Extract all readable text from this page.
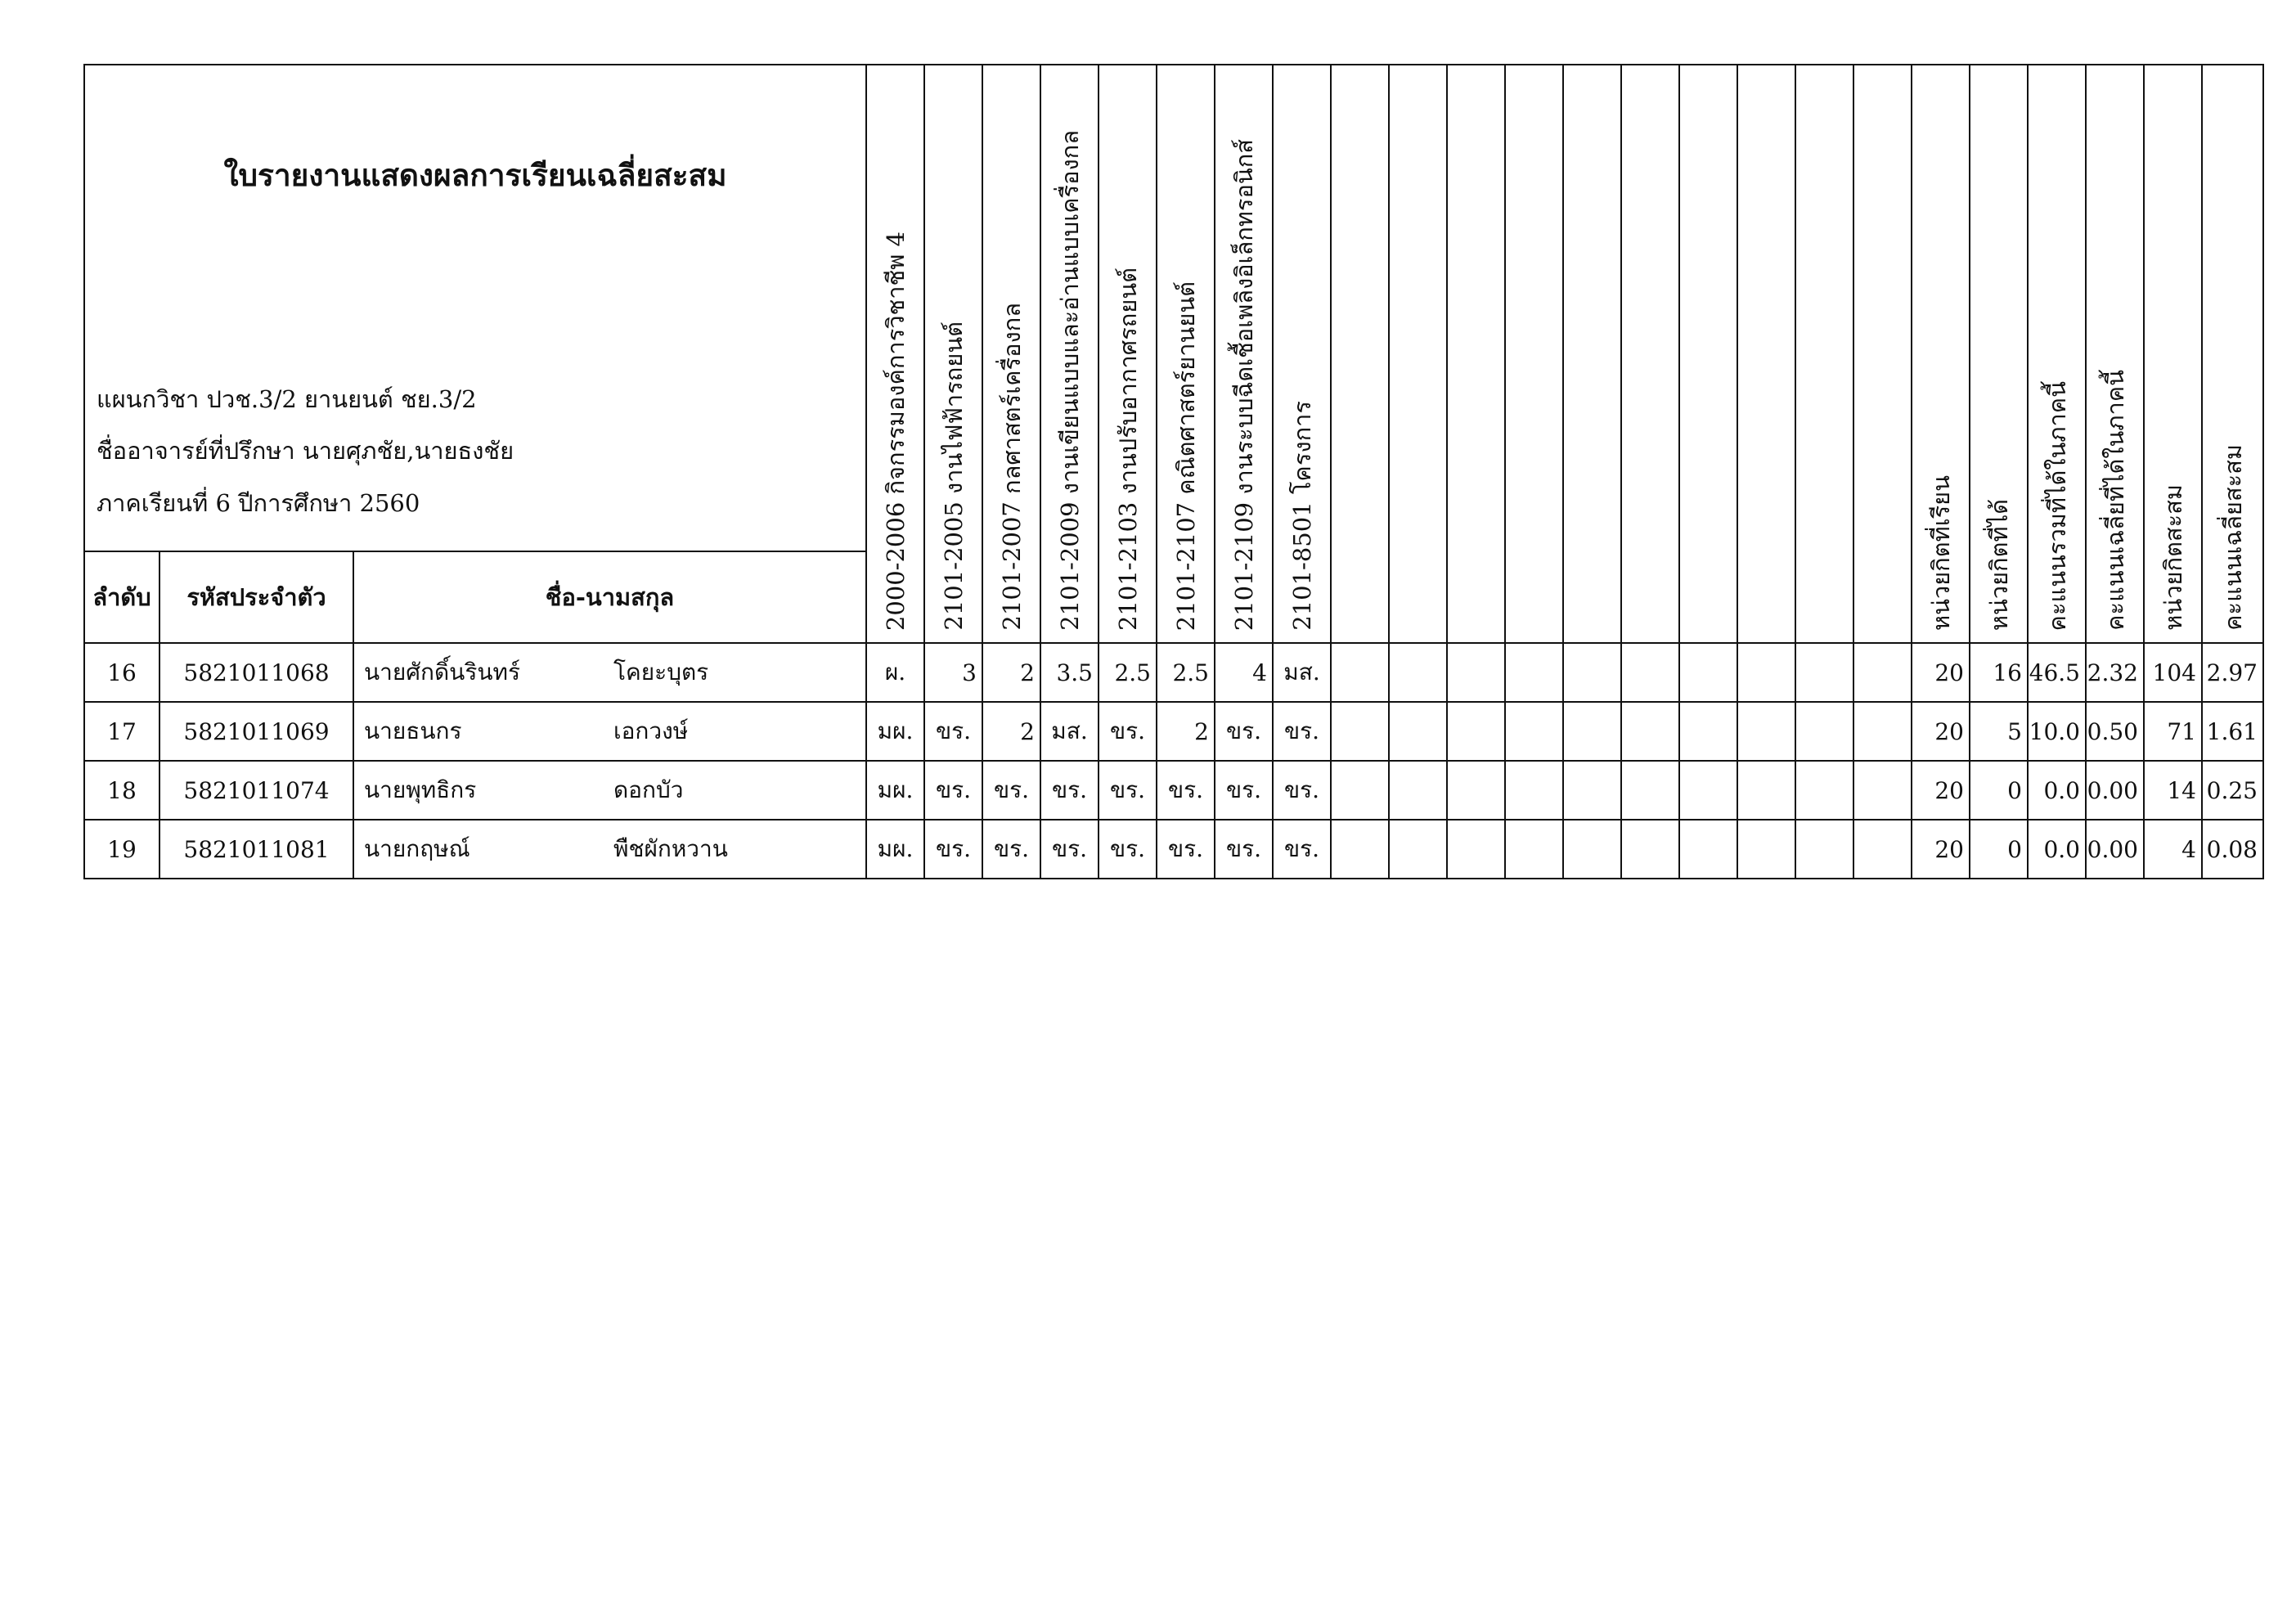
ใบรายงานแสดงผลการเรียนเฉลี่ยสะสม
แผนกวิชา ปวช.3/2 ยานยนต์ ชย.3/2
ชื่ออาจารย์ที่ปรึกษา นายศุภชัย,นายธงชัย
ภาคเรียนที่ 6 ปีการศึกษา 2560			2000-2006 กิจกรรมองค์การวิชาชีพ 4	2101-2005 งานไฟฟ้ารถยนต์	2101-2007 กลศาสตร์เครื่องกล	2101-2009 งานเขียนแบบและอ่านแบบเครื่องกล	2101-2103 งานปรับอากาศรถยนต์	2101-2107 คณิตศาสตร์ยานยนต์	2101-2109 งานระบบฉีดเชื้อเพลิงอิเล็กทรอนิกส์	2101-8501 โครงการ											หน่วยกิตที่เรียน	หน่วยกิตที่ได้	คะแนนรวมที่ได้ในภาคนี้	คะแนนเฉลี่ยที่ได้ในภาคนี้	หน่วยกิตสะสม	คะแนนเฉลี่ยสะสม

ลำดับ	รหัสประจำตัว	ชื่อ-นามสกุล																								
16	5821011068	นายศักดิ์นรินทร์ โคยะบุตร	ผ.	3	2	3.5	2.5	2.5	4	มส.											20	16	46.5	2.32	104	2.97
17	5821011069	นายธนกร เอกวงษ์	มผ.	ขร.	2	มส.	ขร.	2	ขร.	ขร.											20	5	10.0	0.50	71	1.61
18	5821011074	นายพุทธิกร ดอกบัว	มผ.	ขร.	ขร.	ขร.	ขร.	ขร.	ขร.	ขร.											20	0	0.0	0.00	14	0.25
19	5821011081	นายกฤษณ์ พืชผักหวาน	มผ.	ขร.	ขร.	ขร.	ขร.	ขร.	ขร.	ขร.											20	0	0.0	0.00	4	0.08
